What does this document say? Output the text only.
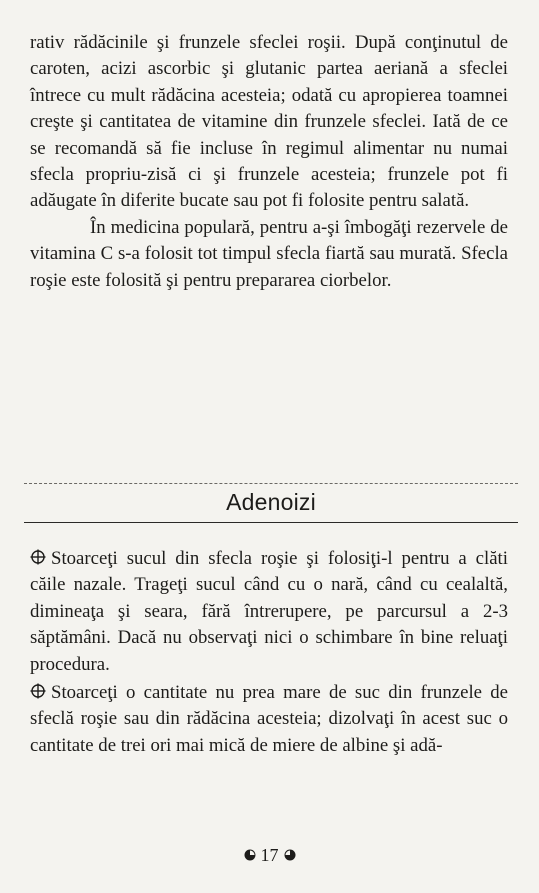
rativ rădăcinile şi frunzele sfeclei roşii. După conţinutul de caroten, acizi ascorbic şi glutanic partea aeriană a sfeclei întrece cu mult rădăcina acesteia; odată cu apropierea toamnei creşte şi cantitatea de vitamine din frunzele sfeclei. Iată de ce se recomandă să fie incluse în regimul alimentar nu numai sfecla propriu-zisă ci şi frunzele acesteia; frunzele pot fi adăugate în diferite bucate sau pot fi folosite pentru salată.

În medicina populară, pentru a-şi îmbogăţi rezervele de vitamina C s-a folosit tot timpul sfecla fiartă sau murată. Sfecla roşie este folosită şi pentru prepararea ciorbelor.

Adenoizi

Stoarceţi sucul din sfecla roşie şi folosiţi-l pentru a clăti căile nazale. Trageţi sucul când cu o nară, când cu cealaltă, dimineaţa şi seara, fără întrerupere, pe parcursul a 2-3 săptămâni. Dacă nu observaţi nici o schimbare în bine reluaţi procedura.

Stoarceţi o cantitate nu prea mare de suc din frunzele de sfeclă roşie sau din rădăcina acesteia; dizolvaţi în acest suc o cantitate de trei ori mai mică de miere de albine şi adă-

17
